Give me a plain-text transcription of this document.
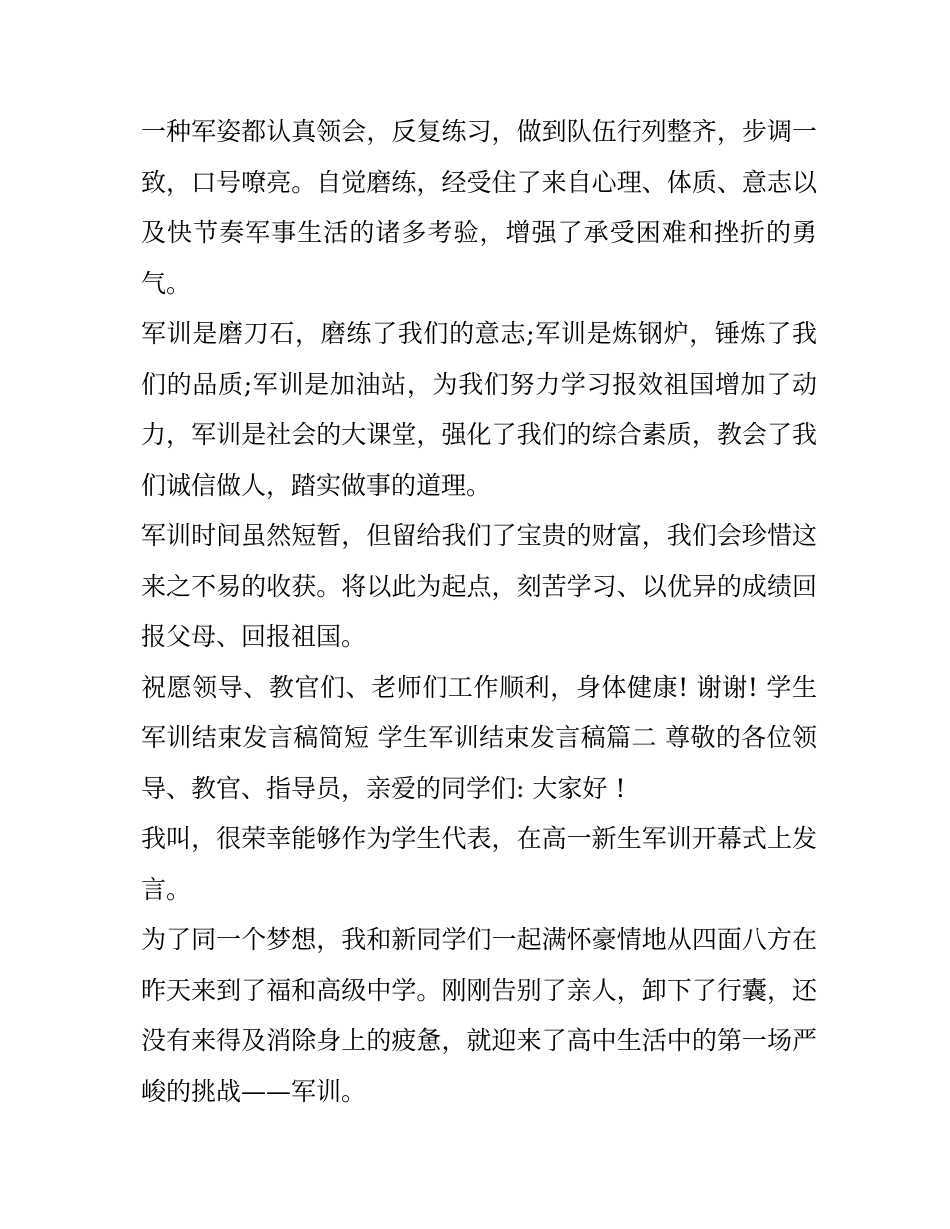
一种军姿都认真领会，反复练习，做到队伍行列整齐，步调一致，口号嘹亮。自觉磨练，经受住了来自心理、体质、意志以及快节奏军事生活的诸多考验，增强了承受困难和挫折的勇气。

军训是磨刀石，磨练了我们的意志;军训是炼钢炉，锤炼了我们的品质;军训是加油站，为我们努力学习报效祖国增加了动力，军训是社会的大课堂，强化了我们的综合素质，教会了我们诚信做人，踏实做事的道理。

军训时间虽然短暂，但留给我们了宝贵的财富，我们会珍惜这来之不易的收获。将以此为起点，刻苦学习、以优异的成绩回报父母、回报祖国。

祝愿领导、教官们、老师们工作顺利，身体健康! 谢谢! 学生军训结束发言稿简短 学生军训结束发言稿篇二 尊敬的各位领导、教官、指导员，亲爱的同学们: 大家好 !

我叫，很荣幸能够作为学生代表，在高一新生军训开幕式上发言。

为了同一个梦想，我和新同学们一起满怀豪情地从四面八方在昨天来到了福和高级中学。刚刚告别了亲人，卸下了行囊，还没有来得及消除身上的疲惫，就迎来了高中生活中的第一场严峻的挑战——军训。
